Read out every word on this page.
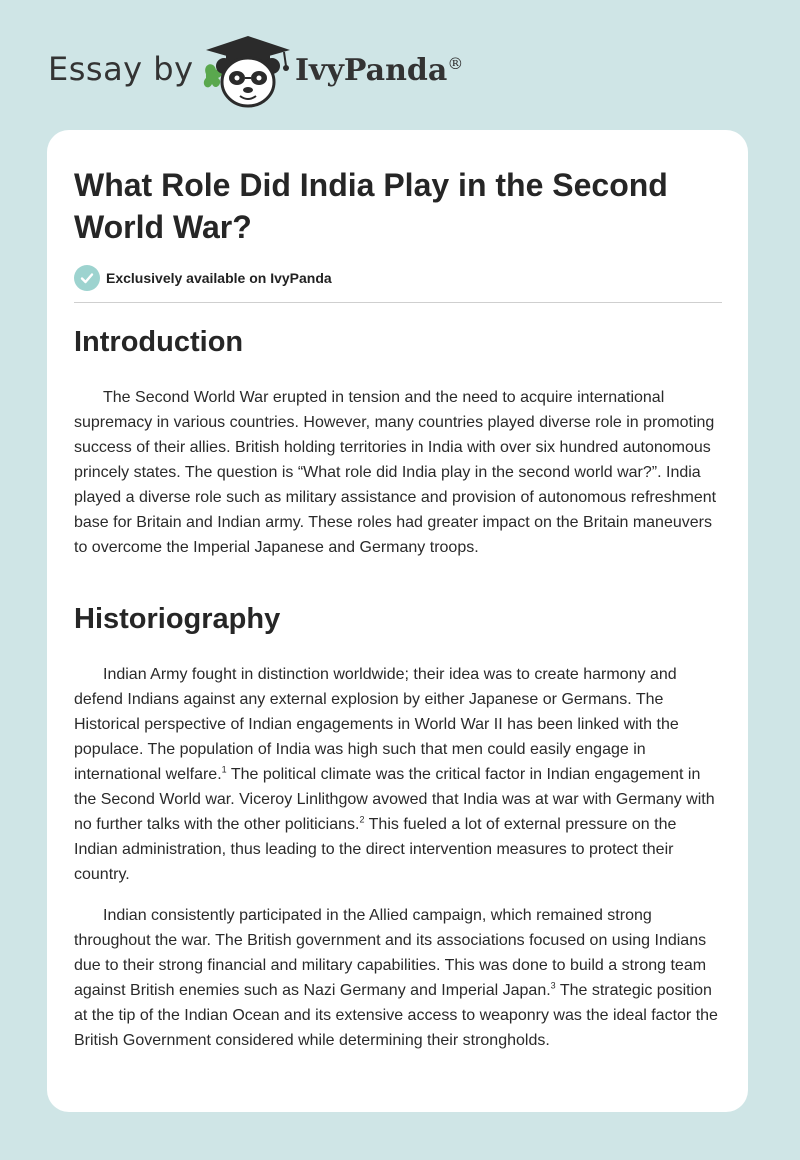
Essay by	IvyPanda®
What Role Did India Play in the Second World War?
Exclusively available on IvyPanda
Introduction

The Second World War erupted in tension and the need to acquire international supremacy in various countries. However, many countries played diverse role in promoting success of their allies. British holding territories in India with over six hundred autonomous princely states. The question is “What role did India play in the second world war?”. India played a diverse role such as military assistance and provision of autonomous refreshment base for Britain and Indian army. These roles had greater impact on the Britain maneuvers to overcome the Imperial Japanese and Germany troops.

Historiography

Indian Army fought in distinction worldwide; their idea was to create harmony and defend Indians against any external explosion by either Japanese or Germans. The Historical perspective of Indian engagements in World War II has been linked with the populace. The population of India was high such that men could easily engage in international welfare.$^1$ The political climate was the critical factor in Indian engagement in the Second World war. Viceroy Linlithgow avowed that India was at war with Germany with no further talks with the other politicians.$^2$ This fueled a lot of external pressure on the Indian administration, thus leading to the direct intervention measures to protect their country.

Indian consistently participated in the Allied campaign, which remained strong throughout the war. The British government and its associations focused on using Indians due to their strong financial and military capabilities. This was done to build a strong team against British enemies such as Nazi Germany and Imperial Japan.$^3$ The strategic position at the tip of the Indian Ocean and its extensive access to weaponry was the ideal factor the British Government considered while determining their strongholds.
